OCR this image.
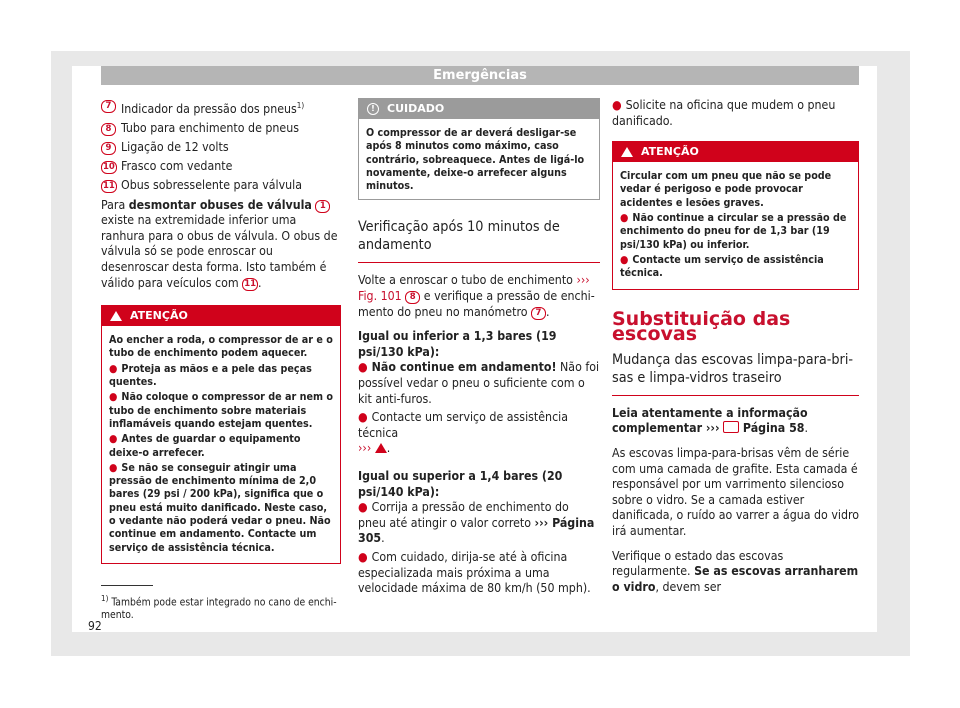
Emergências
7 Indicador da pressão dos pneus$^{1)}$
8 Tubo para enchimento de pneus
9 Ligação de 12 volts
10 Frasco com vedante
11 Obus sobresselente para válvula

Para desmontar obuses de válvula 1 existe na extremidade inferior uma ranhura para o obus de válvula. O obus de válvula só se pode enroscar ou desenroscar desta forma. Isto também é válido para veículos com 11 .

ATENÇÃO
Ao encher a roda, o compressor de ar e o tubo de enchimento podem aquecer.
● Proteja as mãos e a pele das peças quentes.
● Não coloque o compressor de ar nem o tubo de enchimento sobre materiais inflamáveis quando estejam quentes.
● Antes de guardar o equipamento deixe-o arrefecer.
● Se não se conseguir atingir uma pressão de enchimento mínima de 2,0 bares (29 psi / 200 kPa), significa que o pneu está muito danificado. Neste caso, o vedante não poderá vedar o pneu. Não continue em andamento. Contacte um serviço de assistência técnica.
!	CUIDADO
O compressor de ar deverá desligar-se após 8 minutos como máximo, caso contrário, sobreaquece. Antes de ligá-lo novamente, deixe-o arrefecer alguns minutos.
Verificação após 10 minutos de andamento

Volte a enroscar o tubo de enchimento ››› Fig. 101 8 e verifique a pressão de enchimento do pneu no manómetro 7 .

Igual ou inferior a 1,3 bares (19 psi/130 kPa):
● Não continue em andamento! Não foi possível vedar o pneu o suficiente com o kit anti-furos.
● Contacte um serviço de assistência técnica
››› .
Igual ou superior a 1,4 bares (20 psi/140 kPa):
● Corrija a pressão de enchimento do pneu até atingir o valor correto ››› Página 305.
● Com cuidado, dirija-se até à oficina especializada mais próxima a uma velocidade máxima de 80 km/h (50 mph).
● Solicite na oficina que mudem o pneu danificado.
ATENÇÃO
Circular com um pneu que não se pode vedar é perigoso e pode provocar acidentes e lesões graves.
● Não continue a circular se a pressão de enchimento do pneu for de 1,3 bar (19 psi/130 kPa) ou inferior.
● Contacte um serviço de assistência técnica.
Substituição das escovas
Mudança das escovas limpa-para-brisas e limpa-vidros traseiro

Leia atentamente a informação complementar ›››  Página 58.

As escovas limpa-para-brisas vêm de série com uma camada de grafite. Esta camada é responsável por um varrimento silencioso sobre o vidro. Se a camada estiver danificada, o ruído ao varrer a água do vidro irá aumentar.

Verifique o estado das escovas regularmente. Se as escovas arranharem o vidro, devem ser

$^{1)}$ Também pode estar integrado no cano de enchimento.
92
